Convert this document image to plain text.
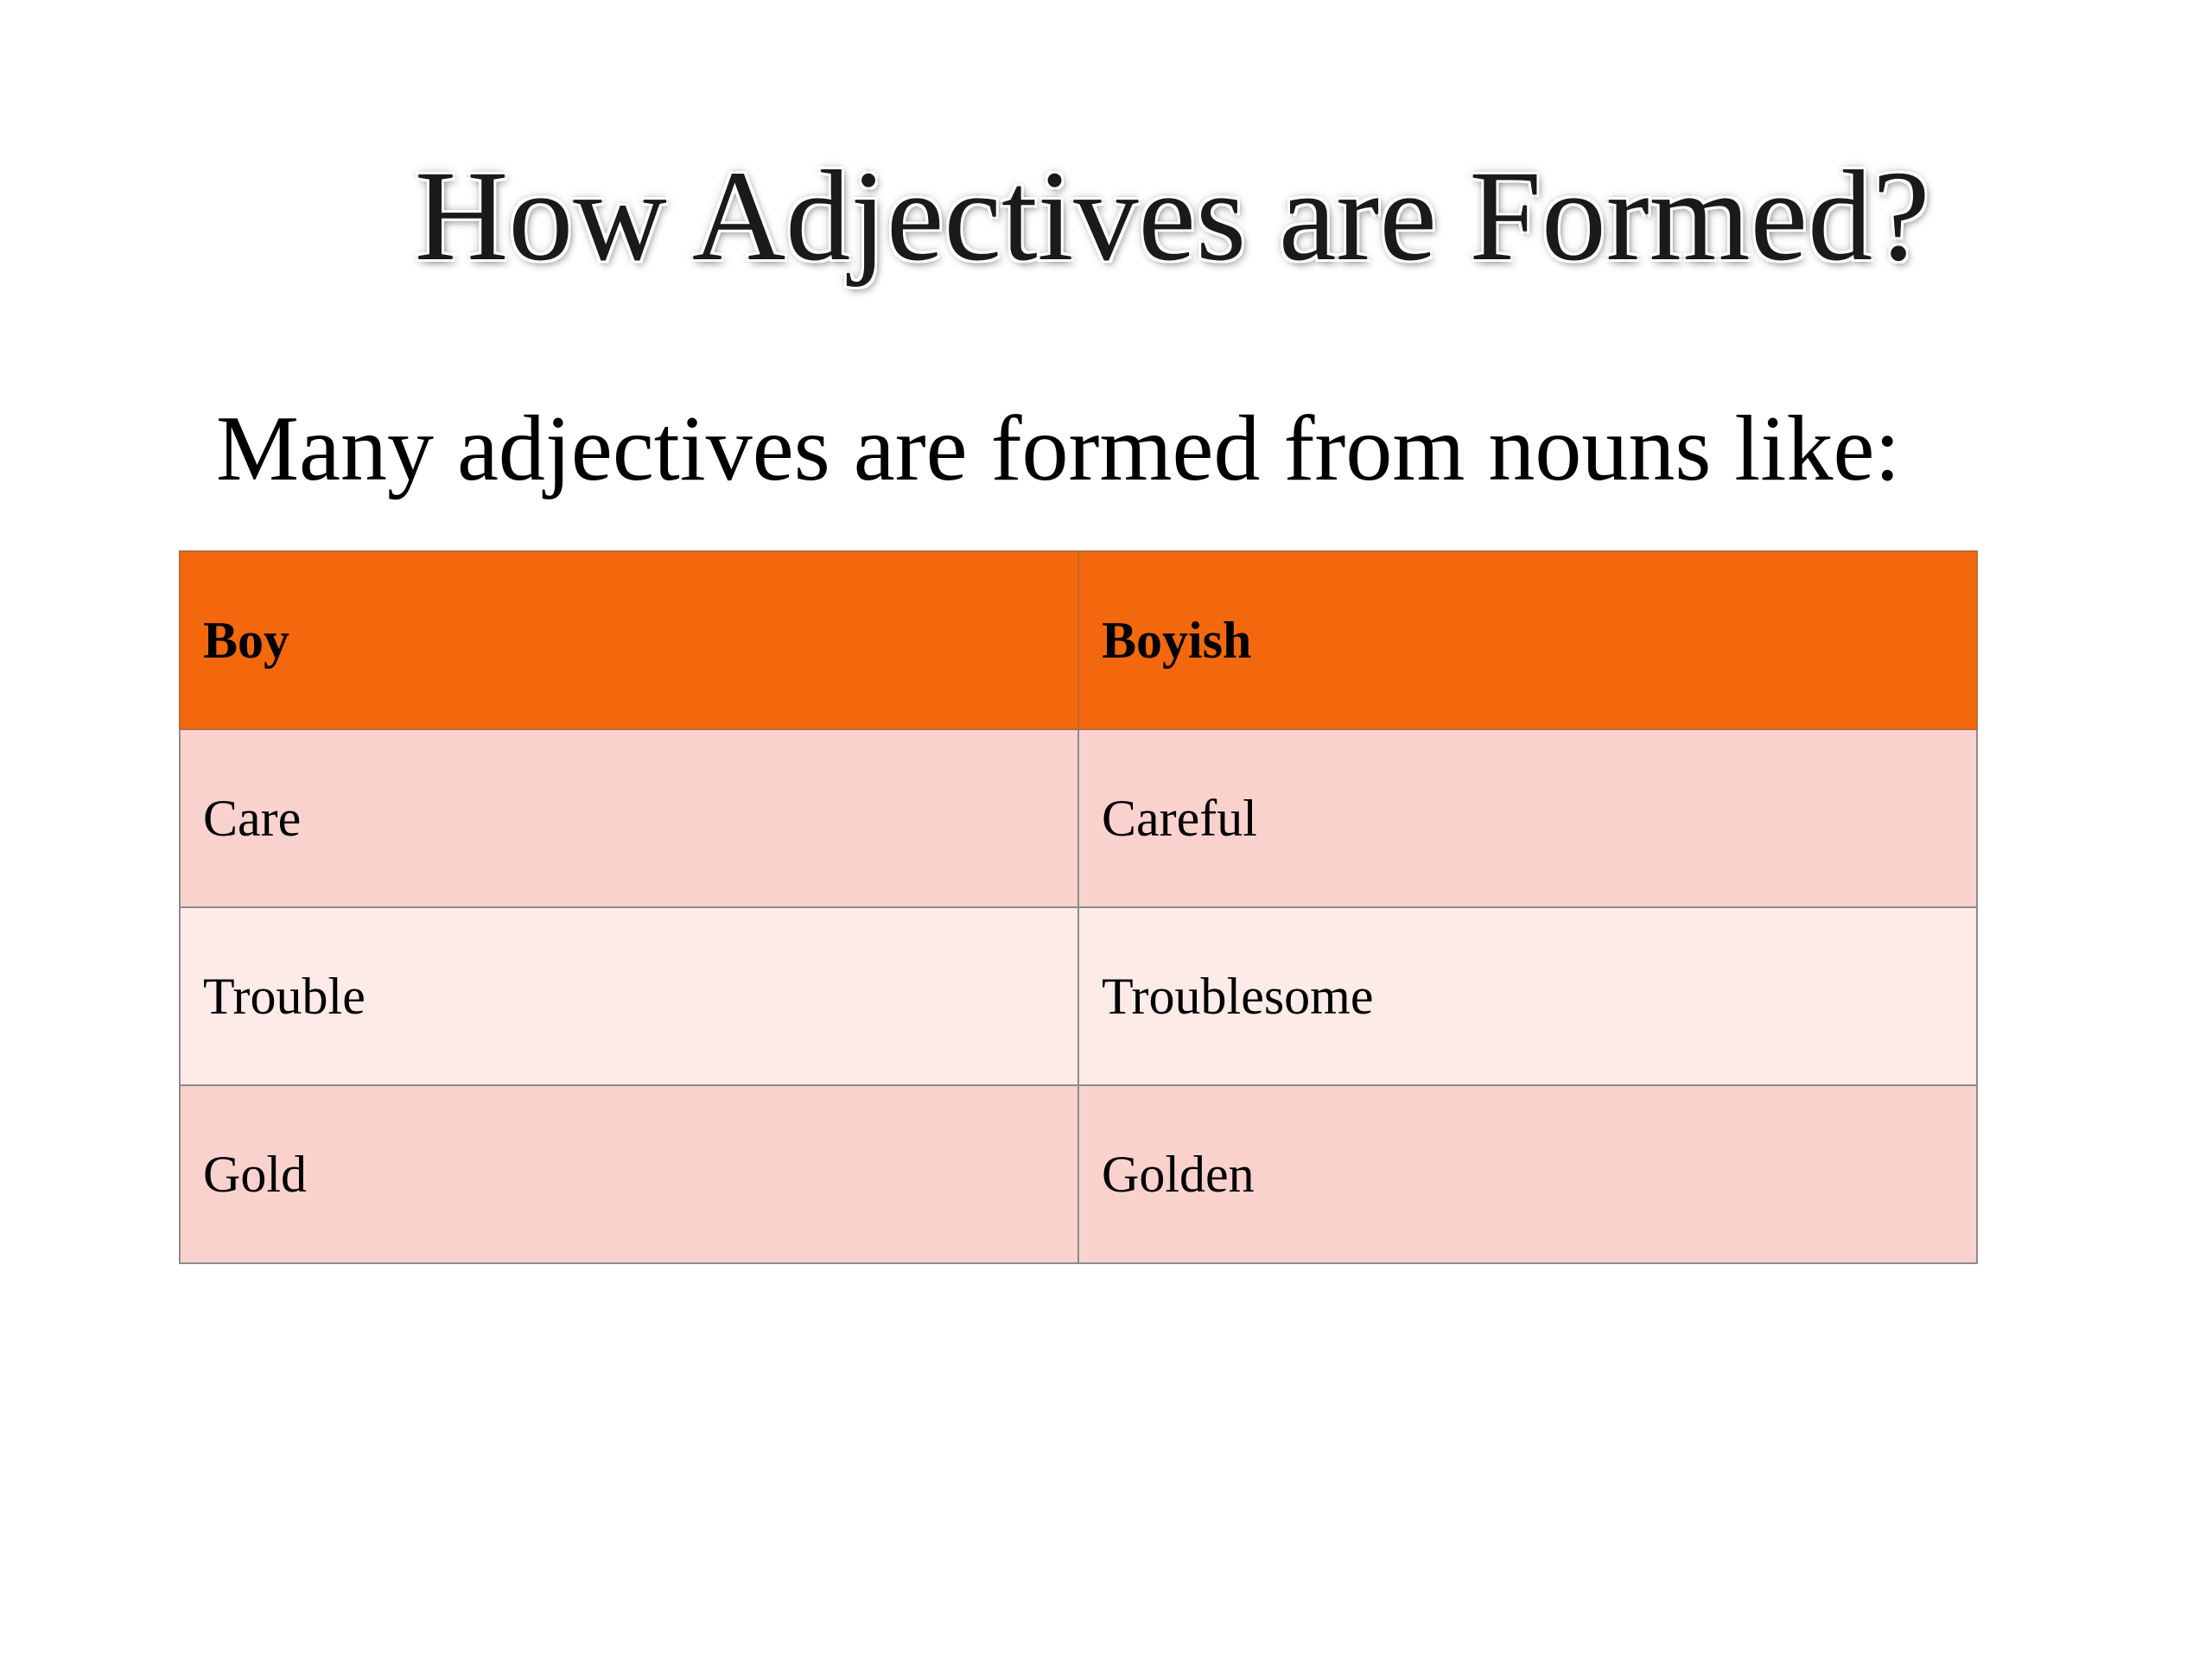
How Adjectives are Formed?

Many adjectives are formed from nouns like:

Boy	Boyish
Care	Careful
Trouble	Troublesome
Gold	Golden
